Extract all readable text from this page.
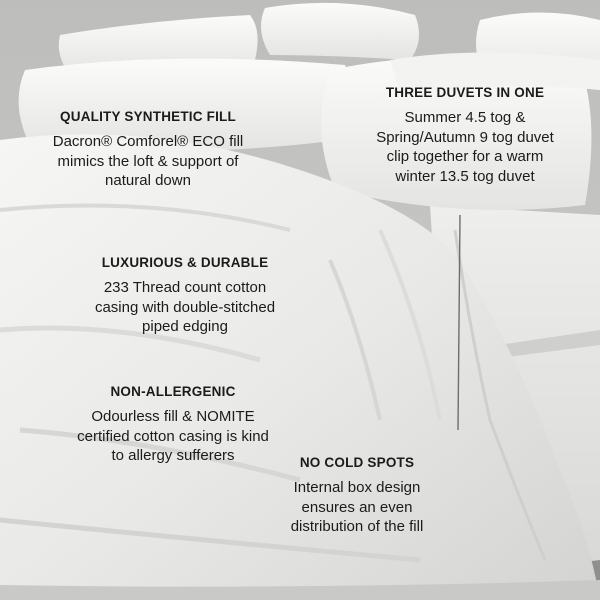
QUALITY SYNTHETIC FILL
Dacron® Comforel® ECO fill
mimics the loft & support of
natural down
THREE DUVETS IN ONE
Summer 4.5 tog &
Spring/Autumn 9 tog duvet
clip together for a warm
winter 13.5 tog duvet
LUXURIOUS & DURABLE
233 Thread count cotton
casing with double-stitched
piped edging
NON-ALLERGENIC
Odourless fill & NOMITE
certified cotton casing is kind
to allergy sufferers	NO COLD SPOTS
Internal box design
ensures an even
distribution of the fill
